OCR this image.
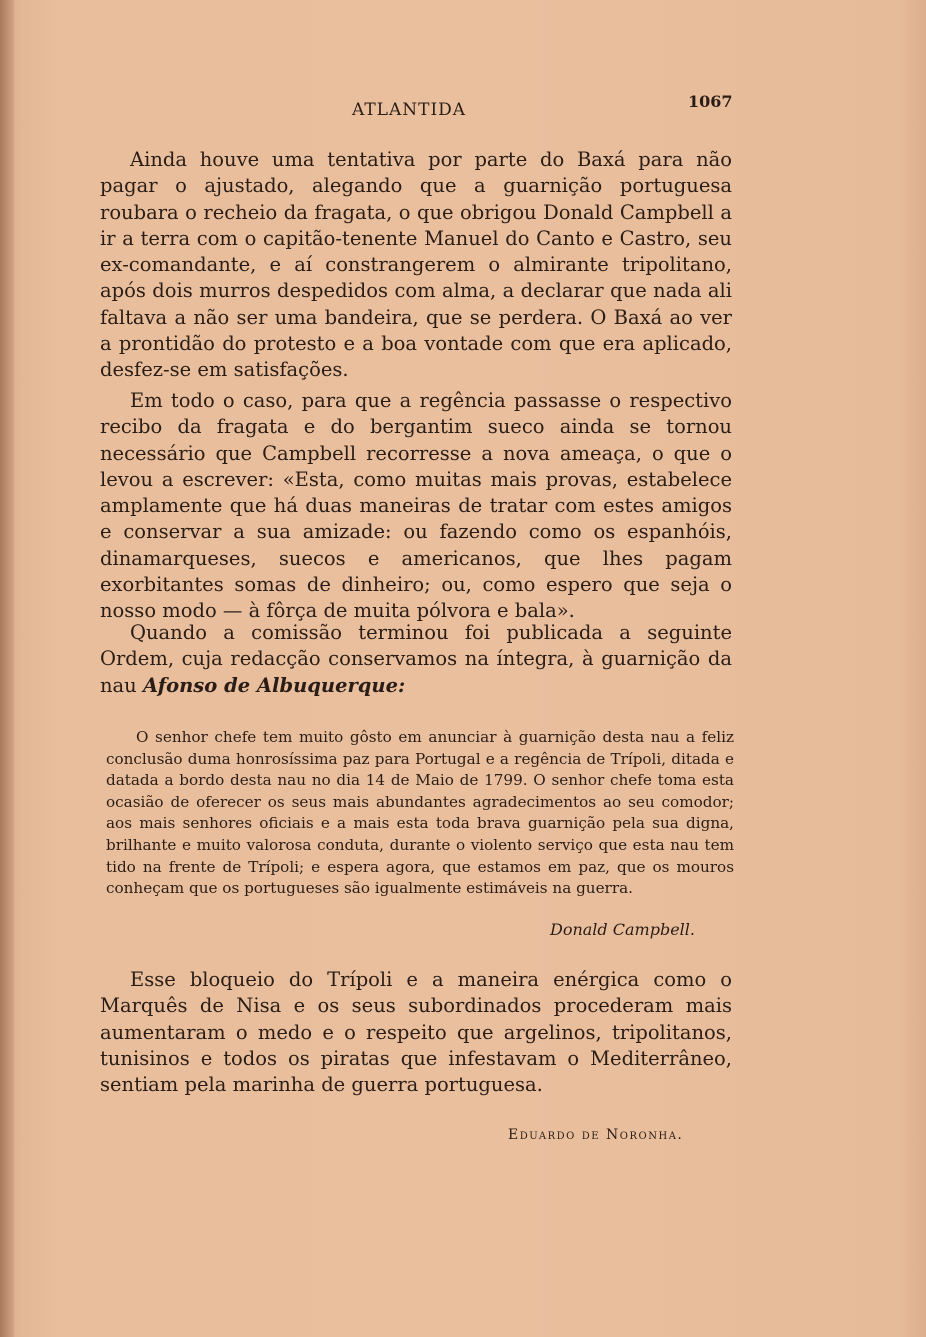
ATLANTIDA	1067

Ainda houve uma tentativa por parte do Baxá para não pagar o ajustado, alegando que a guarnição portuguesa roubara o recheio da fragata, o que obrigou Donald Campbell a ir a terra com o capitão-tenente Manuel do Canto e Castro, seu ex-comandante, e aí constrangerem o almirante tripolitano, após dois murros despedidos com alma, a declarar que nada ali faltava a não ser uma bandeira, que se perdera. O Baxá ao ver a prontidão do protesto e a boa vontade com que era aplicado, desfez-se em satisfações.

Em todo o caso, para que a regência passasse o respectivo recibo da fragata e do bergantim sueco ainda se tornou necessário que Campbell recorresse a nova ameaça, o que o levou a escrever: «Esta, como muitas mais provas, estabelece amplamente que há duas maneiras de tratar com estes amigos e conservar a sua amizade: ou fazendo como os espanhóis, dinamarqueses, suecos e americanos, que lhes pagam exorbitantes somas de dinheiro; ou, como espero que seja o nosso modo — à fôrça de muita pólvora e bala».

Quando a comissão terminou foi publicada a seguinte Ordem, cuja redacção conservamos na íntegra, à guarnição da nau Afonso de Albuquerque:

O senhor chefe tem muito gôsto em anunciar à guarnição desta nau a feliz conclusão duma honrosíssima paz para Portugal e a regência de Trípoli, ditada e datada a bordo desta nau no dia 14 de Maio de 1799. O senhor chefe toma esta ocasião de oferecer os seus mais abundantes agradecimentos ao seu comodor; aos mais senhores oficiais e a mais esta toda brava guarnição pela sua digna, brilhante e muito valorosa conduta, durante o violento serviço que esta nau tem tido na frente de Trípoli; e espera agora, que estamos em paz, que os mouros conheçam que os portugueses são igualmente estimáveis na guerra.

Donald Campbell.

Esse bloqueio do Trípoli e a maneira enérgica como o Marquês de Nisa e os seus subordinados procederam mais aumentaram o medo e o respeito que argelinos, tripolitanos, tunisinos e todos os piratas que infestavam o Mediterrâneo, sentiam pela marinha de guerra portuguesa.

Eduardo de Noronha.
